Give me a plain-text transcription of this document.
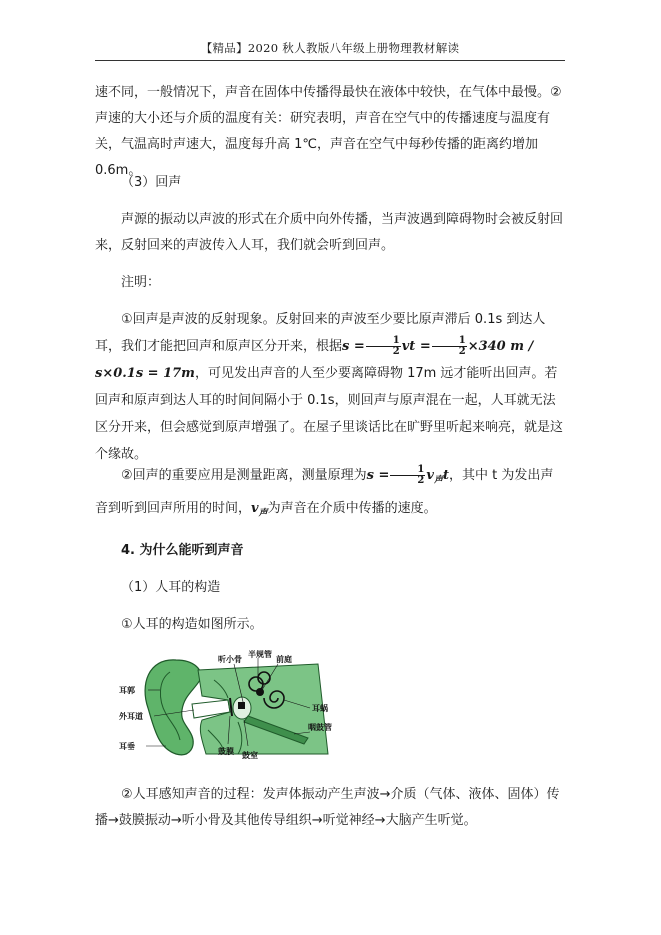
【精品】2020 秋人教版八年级上册物理教材解读

速不同，一般情况下，声音在固体中传播得最快在液体中较快，在气体中最慢。②声速的大小还与介质的温度有关：研究表明，声音在空气中的传播速度与温度有关，气温高时声速大，温度每升高 1℃，声音在空气中每秒传播的距离约增加 0.6m。

（3）回声

声源的振动以声波的形式在介质中向外传播，当声波遇到障碍物时会被反射回来，反射回来的声波传入人耳，我们就会听到回声。

注明：

①回声是声波的反射现象。反射回来的声波至少要比原声滞后 0.1s 到达人耳，我们才能把回声和原声区分开来，根据$s = \frac{1}{2}$ vt = $\frac{1}{2} \times 340$ m / s×0.1s = 17m，可见发出声音的人至少要离障碍物 17m 远才能听出回声。若回声和原声到达人耳的时间间隔小于 0.1s，则回声与原声混在一起，人耳就无法区分开来，但会感觉到原声增强了。在屋子里谈话比在旷野里听起来响亮，就是这个缘故。

②回声的重要应用是测量距离，测量原理为$s = \frac{1}{2} v_声t$，其中 t 为发出声音到听到回声所用的时间，$v_声$为声音在介质中传播的速度。

4. 为什么能听到声音

（1）人耳的构造

①人耳的构造如图所示。

耳郭
外耳道
耳垂
听小骨
半规管
前庭
耳蜗
咽鼓管
鼓膜 鼓室

②人耳感知声音的过程：发声体振动产生声波→介质（气体、液体、固体）传播→鼓膜振动→听小骨及其他传导组织→听觉神经→大脑产生听觉。
